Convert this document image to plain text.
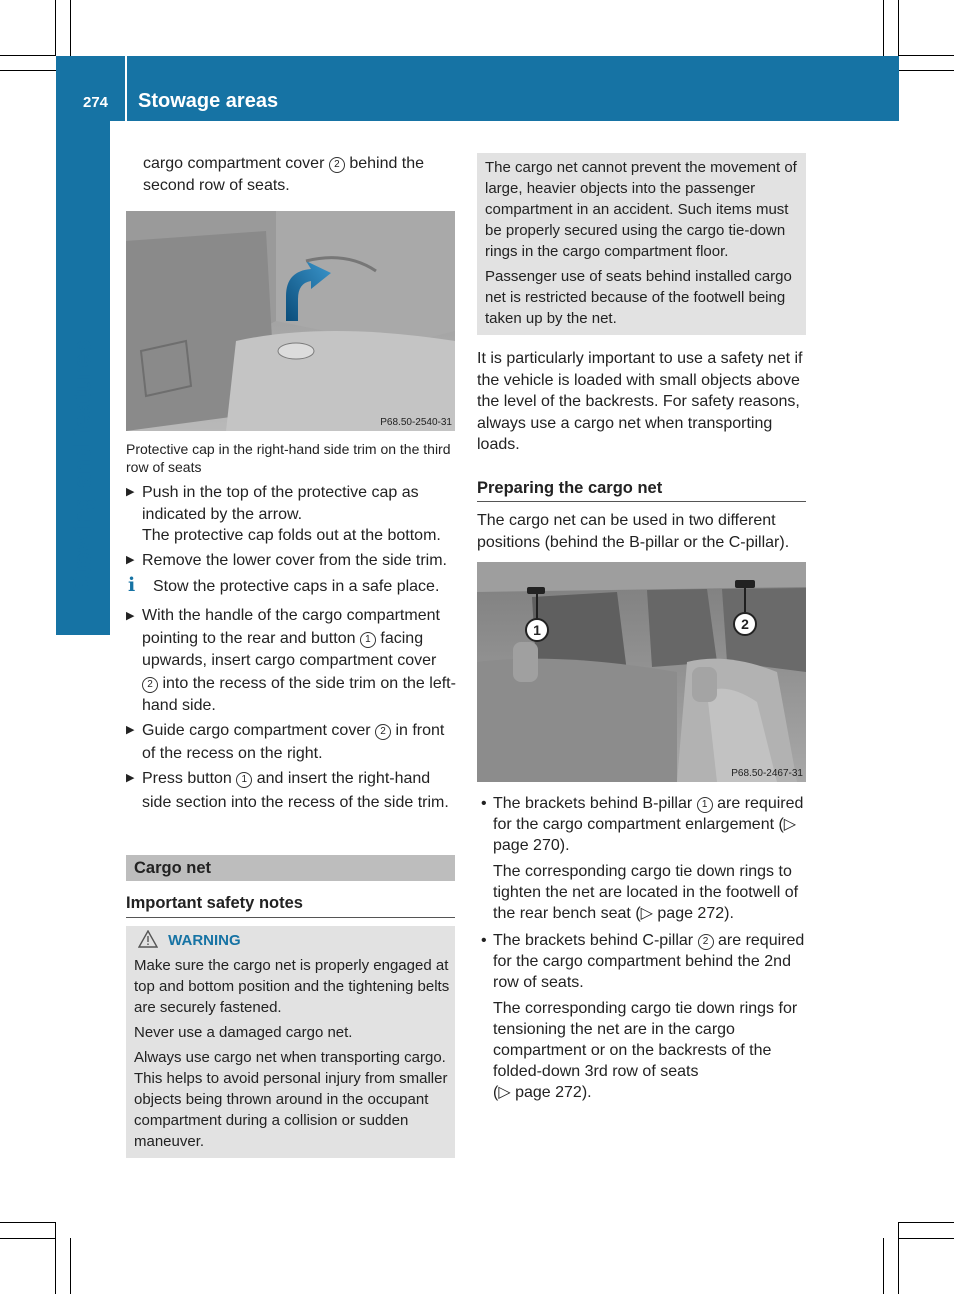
274 Stowage areas
Stowing and features
cargo compartment cover 2 behind the
second row of seats.
P68.50-2540-31
Protective cap in the right-hand side trim on the third row of seats
▶ Push in the top of the protective cap as indicated by the arrow.
The protective cap folds out at the bottom.
▶ Remove the lower cover from the side trim.
i	Stow the protective caps in a safe place.
▶ With the handle of the cargo compartment pointing to the rear and button 1 facing upwards, insert cargo compartment cover 2 into the recess of the side trim on the left-hand side.
▶ Guide cargo compartment cover 2 in front of the recess on the right.
▶ Press button 1 and insert the right-hand side section into the recess of the side trim.
Cargo net
Important safety notes
WARNING
Make sure the cargo net is properly engaged at top and bottom position and the tightening belts are securely fastened.
Never use a damaged cargo net.
Always use cargo net when transporting cargo. This helps to avoid personal injury from smaller objects being thrown around in the occupant compartment during a collision or sudden maneuver.
The cargo net cannot prevent the movement of large, heavier objects into the passenger compartment in an accident. Such items must be properly secured using the cargo tie-down rings in the cargo compartment floor.
Passenger use of seats behind installed cargo net is restricted because of the footwell being taken up by the net.
It is particularly important to use a safety net if the vehicle is loaded with small objects above the level of the backrests. For safety reasons, always use a cargo net when transporting loads.
Preparing the cargo net
The cargo net can be used in two different positions (behind the B-pillar or the C-pillar).
1	2
P68.50-2467-31
• The brackets behind B-pillar 1 are required for the cargo compartment enlargement (▷ page 270).
The corresponding cargo tie down rings to tighten the net are located in the footwell of the rear bench seat (▷ page 272).
• The brackets behind C-pillar 2 are required for the cargo compartment behind the 2nd row of seats.
The corresponding cargo tie down rings for tensioning the net are in the cargo compartment or on the backrests of the folded-down 3rd row of seats
(▷ page 272).
